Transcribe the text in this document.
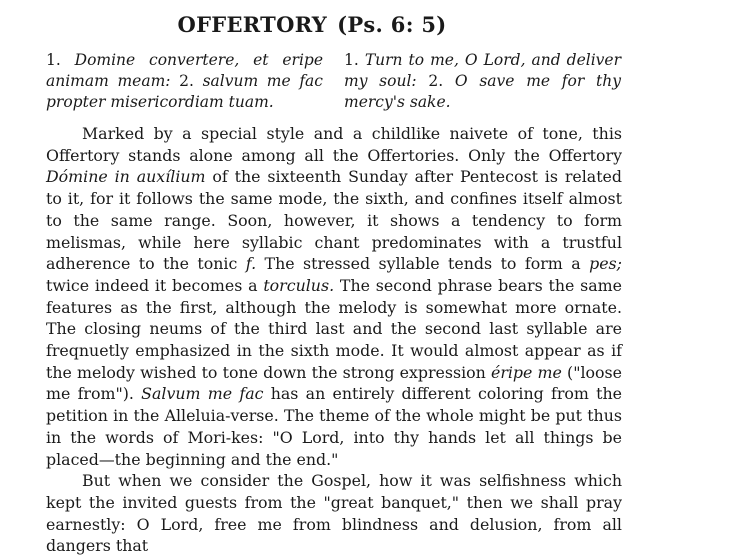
OFFERTORY (Ps. 6: 5)
1. Domine convertere, et eripe animam meam: 2. salvum me fac propter misericordiam tuam.
1. Turn to me, O Lord, and deliver my soul: 2. O save me for thy mercy's sake.

Marked by a special style and a childlike naivete of tone, this Offertory stands alone among all the Offertories. Only the Offertory Dómine in auxílium of the sixteenth Sunday after Pentecost is related to it, for it follows the same mode, the sixth, and confines itself almost to the same range. Soon, however, it shows a tendency to form melismas, while here syllabic chant predominates with a trustful adherence to the tonic f. The stressed syllable tends to form a pes; twice indeed it becomes a torculus. The second phrase bears the same features as the first, although the melody is somewhat more ornate. The closing neums of the third last and the second last syllable are freqnuetly emphasized in the sixth mode. It would almost appear as if the melody wished to tone down the strong expression éripe me ("loose me from"). Salvum me fac has an entirely different coloring from the petition in the Alleluia-verse. The theme of the whole might be put thus in the words of Mori-kes: "O Lord, into thy hands let all things be placed—the beginning and the end."

But when we consider the Gospel, how it was selfishness which kept the invited guests from the "great banquet," then we shall pray earnestly: O Lord, free me from blindness and delusion, from all dangers that
